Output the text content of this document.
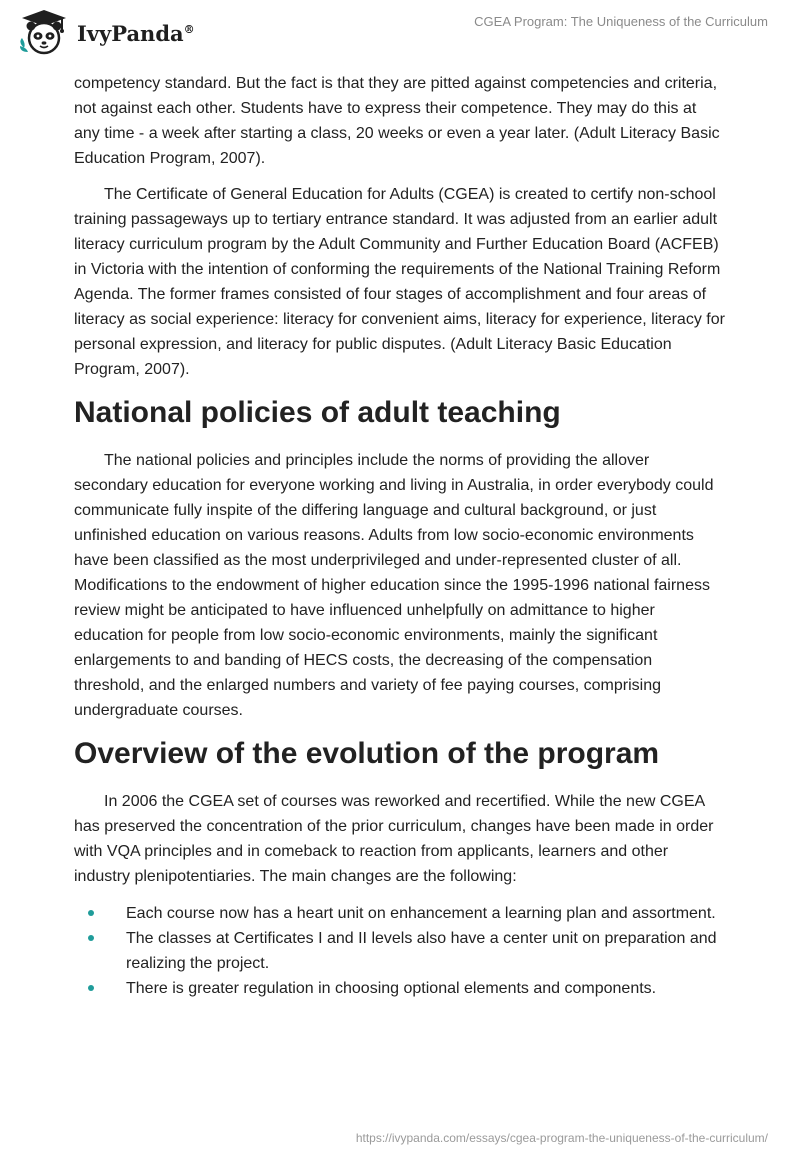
IvyPanda®	CGEA Program: The Uniqueness of the Curriculum

competency standard. But the fact is that they are pitted against competencies and criteria, not against each other. Students have to express their competence. They may do this at any time - a week after starting a class, 20 weeks or even a year later. (Adult Literacy Basic Education Program, 2007).

The Certificate of General Education for Adults (CGEA) is created to certify non-school training passageways up to tertiary entrance standard. It was adjusted from an earlier adult literacy curriculum program by the Adult Community and Further Education Board (ACFEB) in Victoria with the intention of conforming the requirements of the National Training Reform Agenda. The former frames consisted of four stages of accomplishment and four areas of literacy as social experience: literacy for convenient aims, literacy for experience, literacy for personal expression, and literacy for public disputes. (Adult Literacy Basic Education Program, 2007).

National policies of adult teaching

The national policies and principles include the norms of providing the allover secondary education for everyone working and living in Australia, in order everybody could communicate fully inspite of the differing language and cultural background, or just unfinished education on various reasons. Adults from low socio-economic environments have been classified as the most underprivileged and under-represented cluster of all. Modifications to the endowment of higher education since the 1995-1996 national fairness review might be anticipated to have influenced unhelpfully on admittance to higher education for people from low socio-economic environments, mainly the significant enlargements to and banding of HECS costs, the decreasing of the compensation threshold, and the enlarged numbers and variety of fee paying courses, comprising undergraduate courses.

Overview of the evolution of the program

In 2006 the CGEA set of courses was reworked and recertified. While the new CGEA has preserved the concentration of the prior curriculum, changes have been made in order with VQA principles and in comeback to reaction from applicants, learners and other industry plenipotentiaries. The main changes are the following:

Each course now has a heart unit on enhancement a learning plan and assortment.
The classes at Certificates I and II levels also have a center unit on preparation and realizing the project.
There is greater regulation in choosing optional elements and components.
https://ivypanda.com/essays/cgea-program-the-uniqueness-of-the-curriculum/
